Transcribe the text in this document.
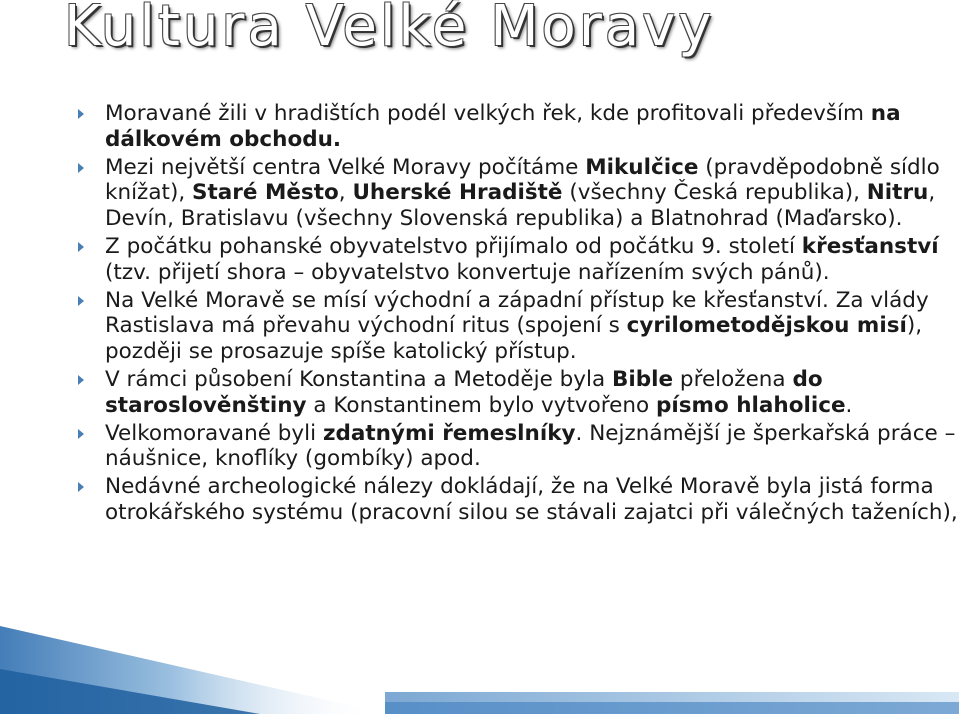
Kultura Velké Moravy
Moravané žili v hradištích podél velkých řek, kde profitovali především na dálkovém obchodu.
Mezi největší centra Velké Moravy počítáme Mikulčice (pravděpodobně sídlo knížat), Staré Město, Uherské Hradiště (všechny Česká republika), Nitru, Devín, Bratislavu (všechny Slovenská republika) a Blatnohrad (Maďarsko).
Z počátku pohanské obyvatelstvo přijímalo od počátku 9. století křesťanství (tzv. přijetí shora – obyvatelstvo konvertuje nařízením svých pánů).
Na Velké Moravě se mísí východní a západní přístup ke křesťanství. Za vlády Rastislava má převahu východní ritus (spojení s cyrilometodějskou misí), později se prosazuje spíše katolický přístup.
V rámci působení Konstantina a Metoděje byla Bible přeložena do staroslověnštiny a Konstantinem bylo vytvořeno písmo hlaholice.
Velkomoravané byli zdatnými řemeslníky. Nejznámější je šperkařská práce –náušnice, knoflíky (gombíky) apod.
Nedávné archeologické nálezy dokládají, že na Velké Moravě byla jistá forma otrokářského systému (pracovní silou se stávali zajatci při válečných taženích),
